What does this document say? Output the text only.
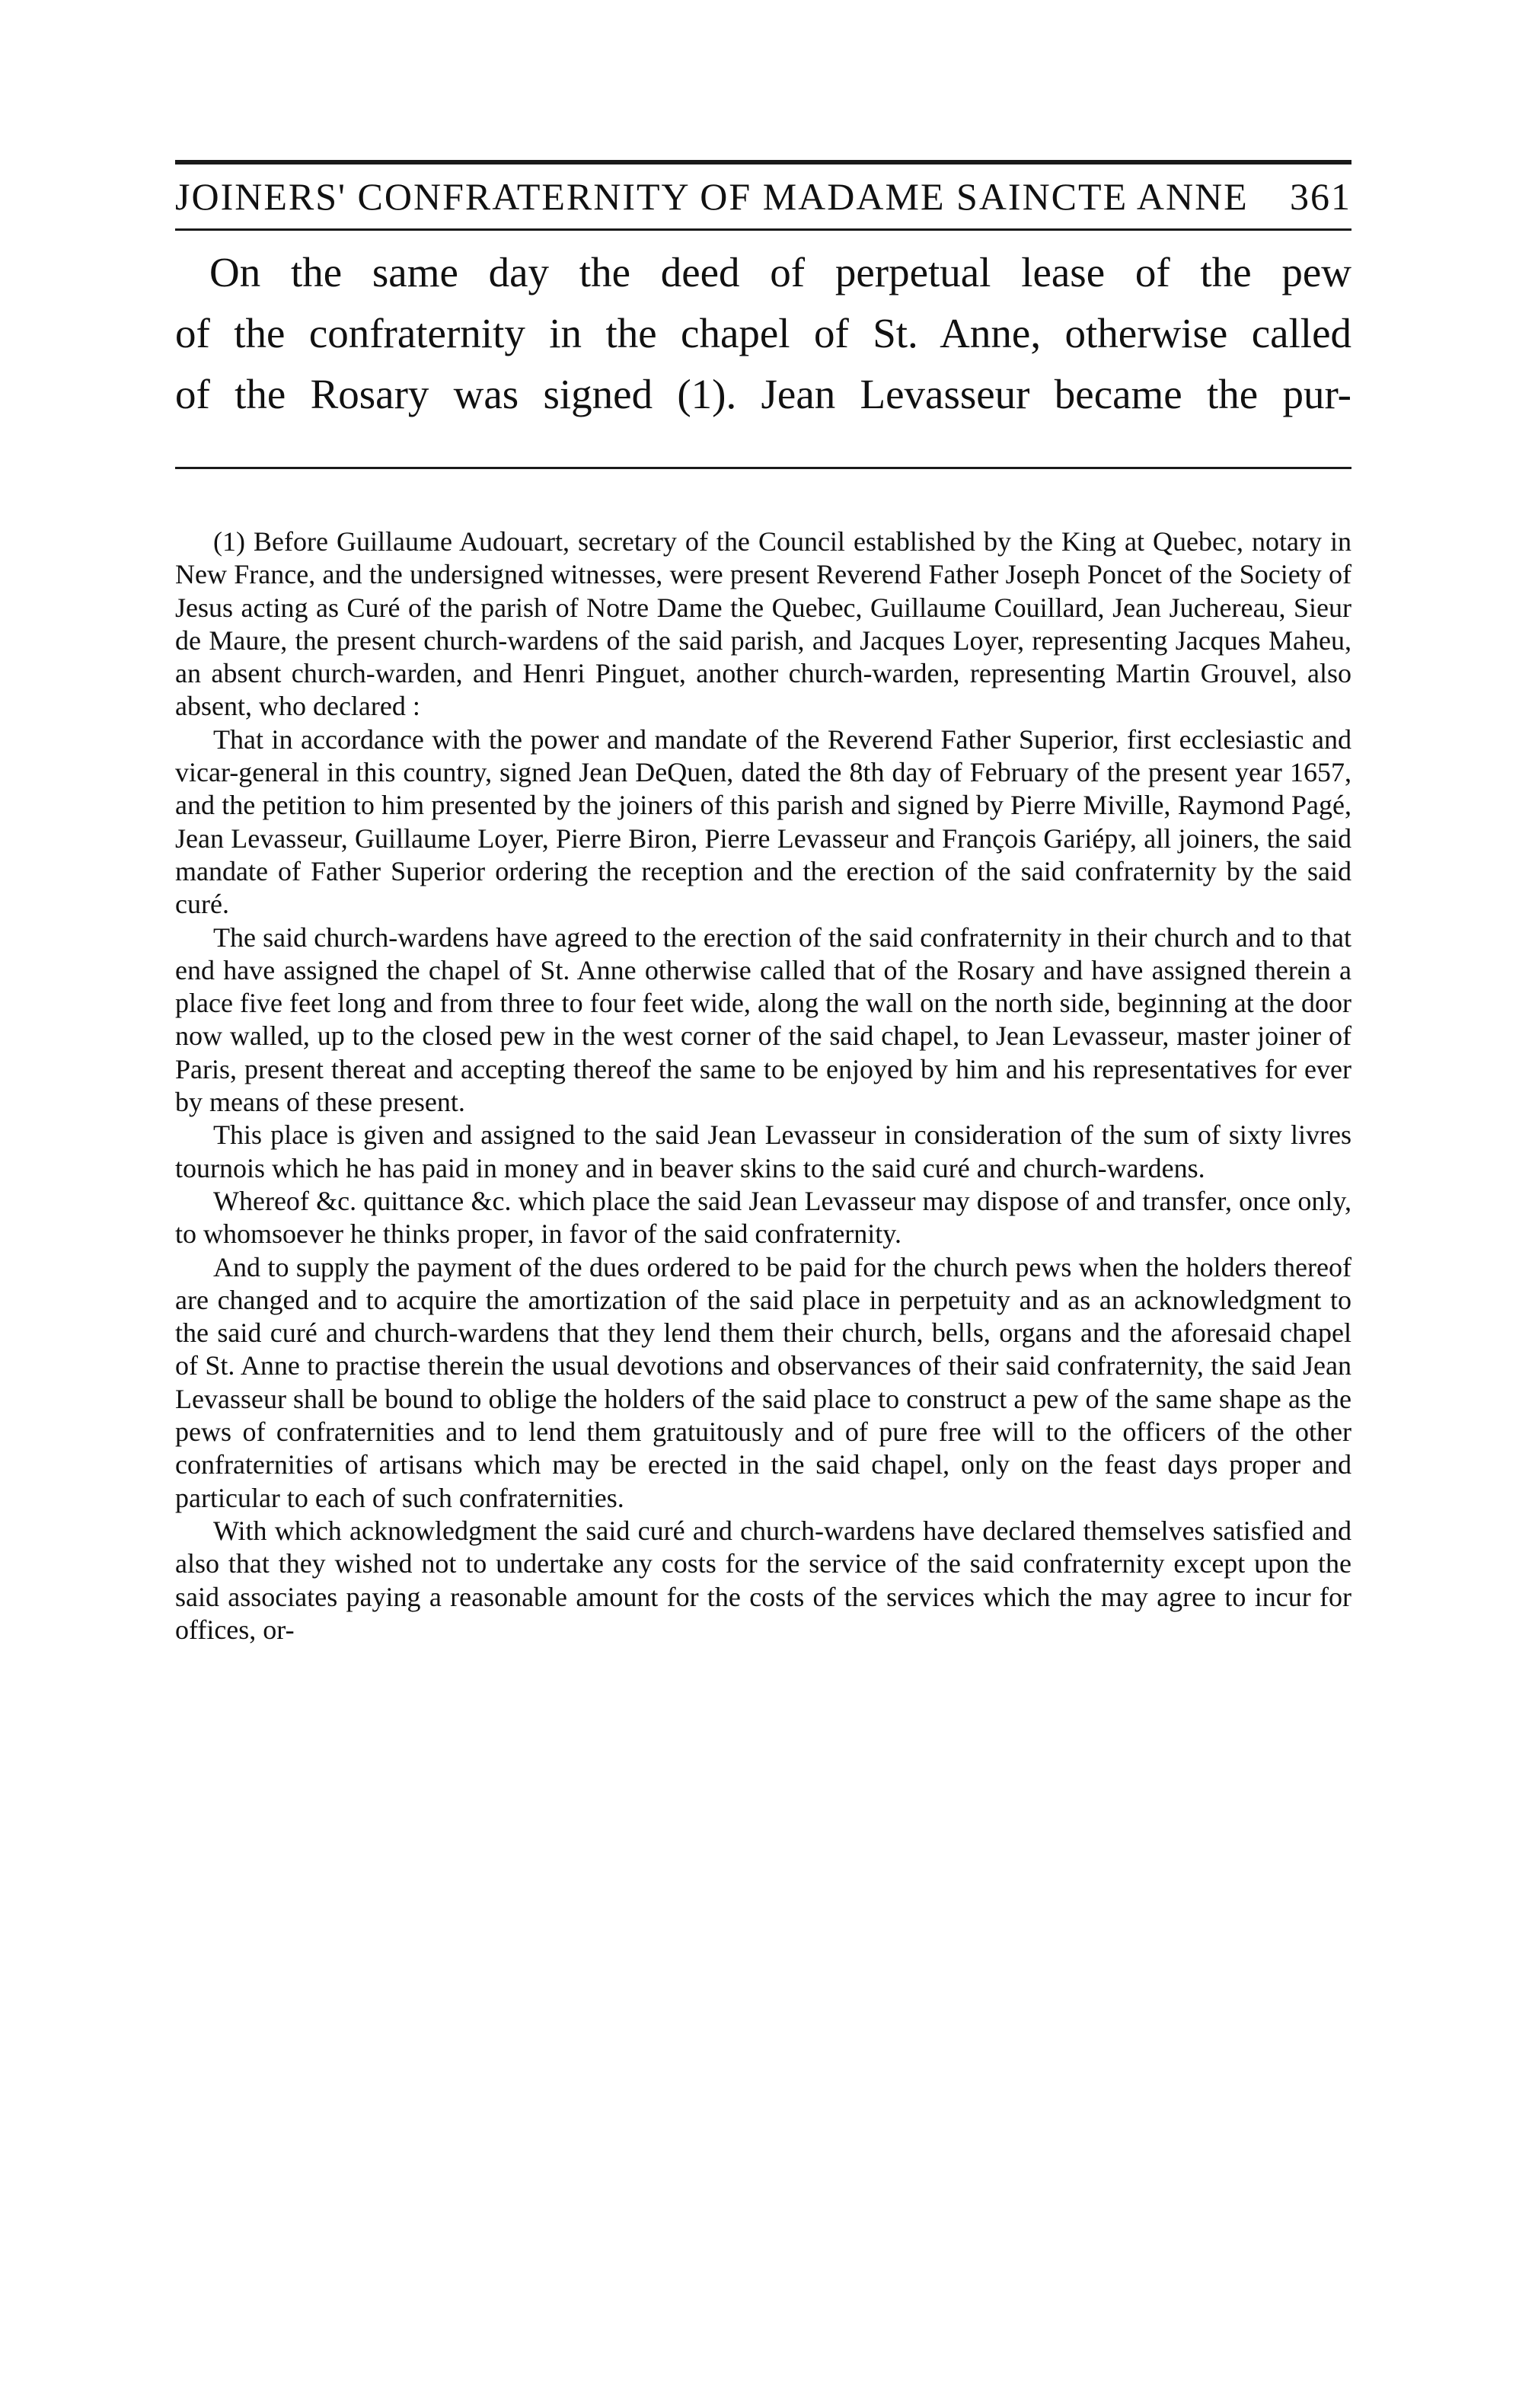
JOINERS' CONFRATERNITY OF MADAME SAINCTE ANNE 361
On the same day the deed of perpetual lease of the pew
of the confraternity in the chapel of St. Anne, otherwise called
of the Rosary was signed (1). Jean Levasseur became the pur-

(1) Before Guillaume Audouart, secretary of the Council established by the King at Quebec, notary in New France, and the undersigned witnesses, were present Reverend Father Joseph Poncet of the Society of Jesus acting as Curé of the parish of Notre Dame the Quebec, Guillaume Couillard, Jean Juchereau, Sieur de Maure, the present church-wardens of the said parish, and Jacques Loyer, representing Jacques Maheu, an absent church-warden, and Henri Pinguet, another church-warden, representing Martin Grouvel, also absent, who declared :

That in accordance with the power and mandate of the Reverend Father Superior, first ecclesiastic and vicar-general in this country, signed Jean DeQuen, dated the 8th day of February of the present year 1657, and the petition to him presented by the joiners of this parish and signed by Pierre Miville, Raymond Pagé, Jean Levasseur, Guillaume Loyer, Pierre Biron, Pierre Levasseur and François Gariépy, all joiners, the said mandate of Father Superior ordering the reception and the erection of the said confraternity by the said curé.

The said church-wardens have agreed to the erection of the said confraternity in their church and to that end have assigned the chapel of St. Anne otherwise called that of the Rosary and have assigned therein a place five feet long and from three to four feet wide, along the wall on the north side, beginning at the door now walled, up to the closed pew in the west corner of the said chapel, to Jean Levasseur, master joiner of Paris, present thereat and accepting thereof the same to be enjoyed by him and his representatives for ever by means of these present.

This place is given and assigned to the said Jean Levasseur in consideration of the sum of sixty livres tournois which he has paid in money and in beaver skins to the said curé and church-wardens.

Whereof &c. quittance &c. which place the said Jean Levasseur may dispose of and transfer, once only, to whomsoever he thinks proper, in favor of the said confraternity.

And to supply the payment of the dues ordered to be paid for the church pews when the holders thereof are changed and to acquire the amortization of the said place in perpetuity and as an acknowledgment to the said curé and church-wardens that they lend them their church, bells, organs and the aforesaid chapel of St. Anne to practise therein the usual devotions and observances of their said confraternity, the said Jean Levasseur shall be bound to oblige the holders of the said place to construct a pew of the same shape as the pews of confraternities and to lend them gratuitously and of pure free will to the officers of the other confraternities of artisans which may be erected in the said chapel, only on the feast days proper and particular to each of such confraternities.

With which acknowledgment the said curé and church-wardens have declared themselves satisfied and also that they wished not to undertake any costs for the service of the said confraternity except upon the said associates paying a reasonable amount for the costs of the services which the may agree to incur for offices, or-
